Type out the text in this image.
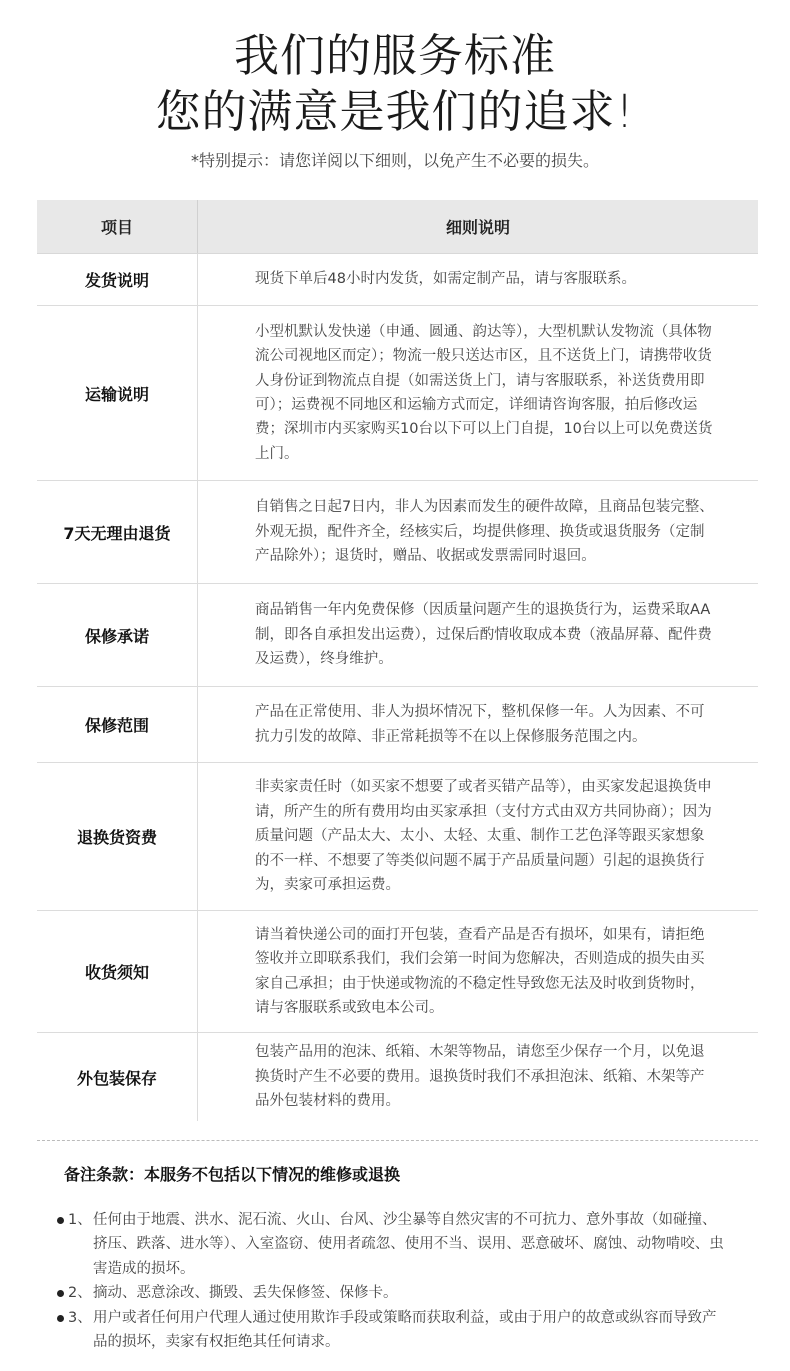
我们的服务标准
您的满意是我们的追求!
*特别提示：请您详阅以下细则，以免产生不必要的损失。
项目	细则说明
发货说明	现货下单后48小时内发货，如需定制产品，请与客服联系。
运输说明
小型机默认发快递（申通、圆通、韵达等），大型机默认发物流（具体物流公司视地区而定）；物流一般只送达市区，且不送货上门，请携带收货人身份证到物流点自提（如需送货上门，请与客服联系，补送货费用即可）；运费视不同地区和运输方式而定，详细请咨询客服，拍后修改运费；深圳市内买家购买10台以下可以上门自提，10台以上可以免费送货上门。
7天无理由退货
自销售之日起7日内，非人为因素而发生的硬件故障，且商品包装完整、外观无损，配件齐全，经核实后，均提供修理、换货或退货服务（定制产品除外）；退货时，赠品、收据或发票需同时退回。
保修承诺
商品销售一年内免费保修（因质量问题产生的退换货行为，运费采取AA制，即各自承担发出运费），过保后酌情收取成本费（液晶屏幕、配件费及运费），终身维护。
保修范围
产品在正常使用、非人为损坏情况下，整机保修一年。人为因素、不可抗力引发的故障、非正常耗损等不在以上保修服务范围之内。
退换货资费
非卖家责任时（如买家不想要了或者买错产品等），由买家发起退换货申请，所产生的所有费用均由买家承担（支付方式由双方共同协商）；因为质量问题（产品太大、太小、太轻、太重、制作工艺色泽等跟买家想象的不一样、不想要了等类似问题不属于产品质量问题）引起的退换货行为，卖家可承担运费。
收货须知
请当着快递公司的面打开包装，查看产品是否有损坏，如果有，请拒绝签收并立即联系我们，我们会第一时间为您解决，否则造成的损失由买家自己承担；由于快递或物流的不稳定性导致您无法及时收到货物时，请与客服联系或致电本公司。
外包装保存
包装产品用的泡沫、纸箱、木架等物品，请您至少保存一个月，以免退换货时产生不必要的费用。退换货时我们不承担泡沫、纸箱、木架等产品外包装材料的费用。
备注条款：本服务不包括以下情况的维修或退换
1、 任何由于地震、洪水、泥石流、火山、台风、沙尘暴等自然灾害的不可抗力、意外事故（如碰撞、挤压、跌落、进水等）、入室盗窃、使用者疏忽、使用不当、误用、恶意破坏、腐蚀、动物啃咬、虫害造成的损坏。
2、 摘动、恶意涂改、撕毁、丢失保修签、保修卡。
3、 用户或者任何用户代理人通过使用欺诈手段或策略而获取利益，或由于用户的故意或纵容而导致产品的损坏，卖家有权拒绝其任何请求。
